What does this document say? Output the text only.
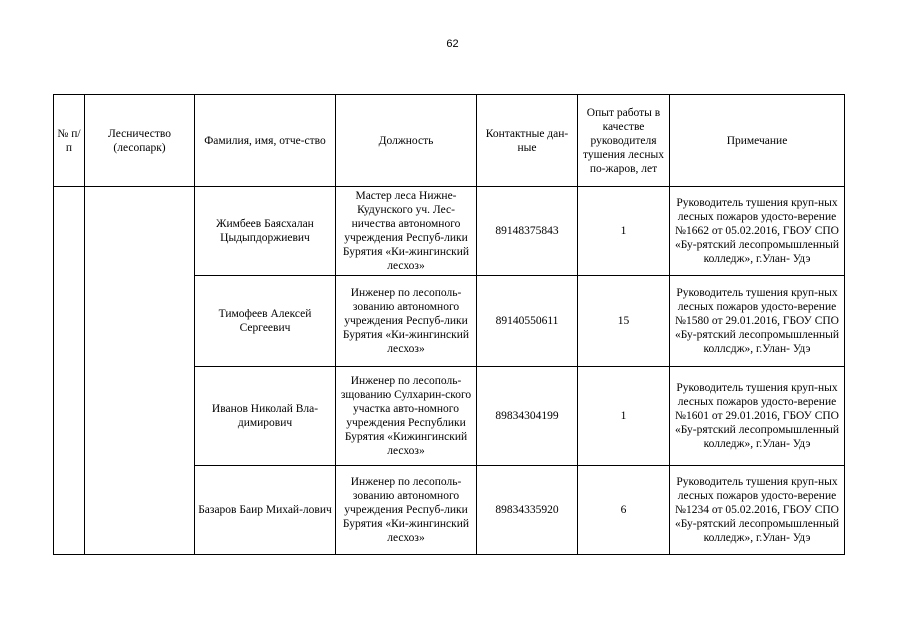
62
№ п/п	Лесничество (лесопарк)	Фамилия, имя, отче-ство	Должность	Контактные дан-ные	Опыт работы в качестве руководителя тушения лесных по-жаров, лет	Примечание
		Жимбеев Баясхалан Цыдыпдоржиевич	Мастер леса Нижне-Кудунского уч. Лес-ничества автономного учреждения Респуб-лики Бурятия «Ки-жингинский лесхоз»	89148375843	1	Руководитель тушения круп-ных лесных пожаров удосто-верение №1662 от 05.02.2016, ГБОУ СПО «Бу-рятский лесопромышленный колледж», г.Улан- Удэ
		Тимофеев Алексей Сергеевич	Инженер по лесополь-зованию автономного учреждения Респуб-лики Бурятия «Ки-жингинский лесхоз»	89140550611	15	Руководитель тушения круп-ных лесных пожаров удосто-верение №1580 от 29.01.2016, ГБОУ СПО «Бу-рятский лесопромышленный коллсдж», г.Улан- Удэ
		Иванов Николай Вла-димирович	Инженер по лесополь-зщованию Сулхарин-ского участка авто-номного учреждения Республики Бурятия «Кижингинский лесхоз»	89834304199	1	Руководитель тушения круп-ных лесных пожаров удосто-верение №1601 от 29.01.2016, ГБОУ СПО «Бу-рятский лесопромышленный колледж», г.Улан- Удэ
		Базаров Баир Михай-лович	Инженер по лесополь-зованию автономного учреждения Респуб-лики Бурятия «Ки-жингинский лесхоз»	89834335920	6	Руководитель тушения круп-ных лесных пожаров удосто-верение №1234 от 05.02.2016, ГБОУ СПО «Бу-рятский лесопромышленный колледж», г.Улан- Удэ
